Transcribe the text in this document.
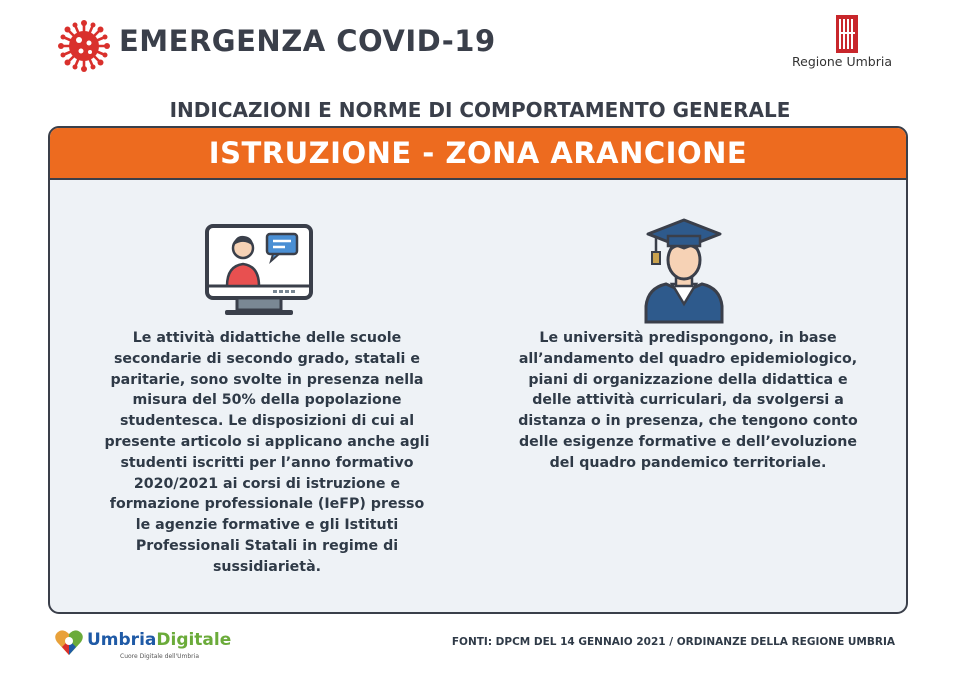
EMERGENZA COVID-19
Regione Umbria
INDICAZIONI E NORME DI COMPORTAMENTO GENERALE
ISTRUZIONE - ZONA ARANCIONE
Le attività didattiche delle scuole secondarie di secondo grado, statali e paritarie, sono svolte in presenza nella misura del 50% della popolazione studentesca. Le disposizioni di cui al presente articolo si applicano anche agli studenti iscritti per l’anno formativo 2020/2021 ai corsi di istruzione e formazione professionale (IeFP) presso le agenzie formative e gli Istituti Professionali Statali in regime di sussidiarietà.
Le università predispongono, in base all’andamento del quadro epidemiologico, piani di organizzazione della didattica e delle attività curriculari, da svolgersi a distanza o in presenza, che tengono conto delle esigenze formative e dell’evoluzione del quadro pandemico territoriale.
UmbriaDigitale
Cuore Digitale dell'Umbria
FONTI: DPCM DEL 14 GENNAIO 2021 / ORDINANZE DELLA REGIONE UMBRIA
